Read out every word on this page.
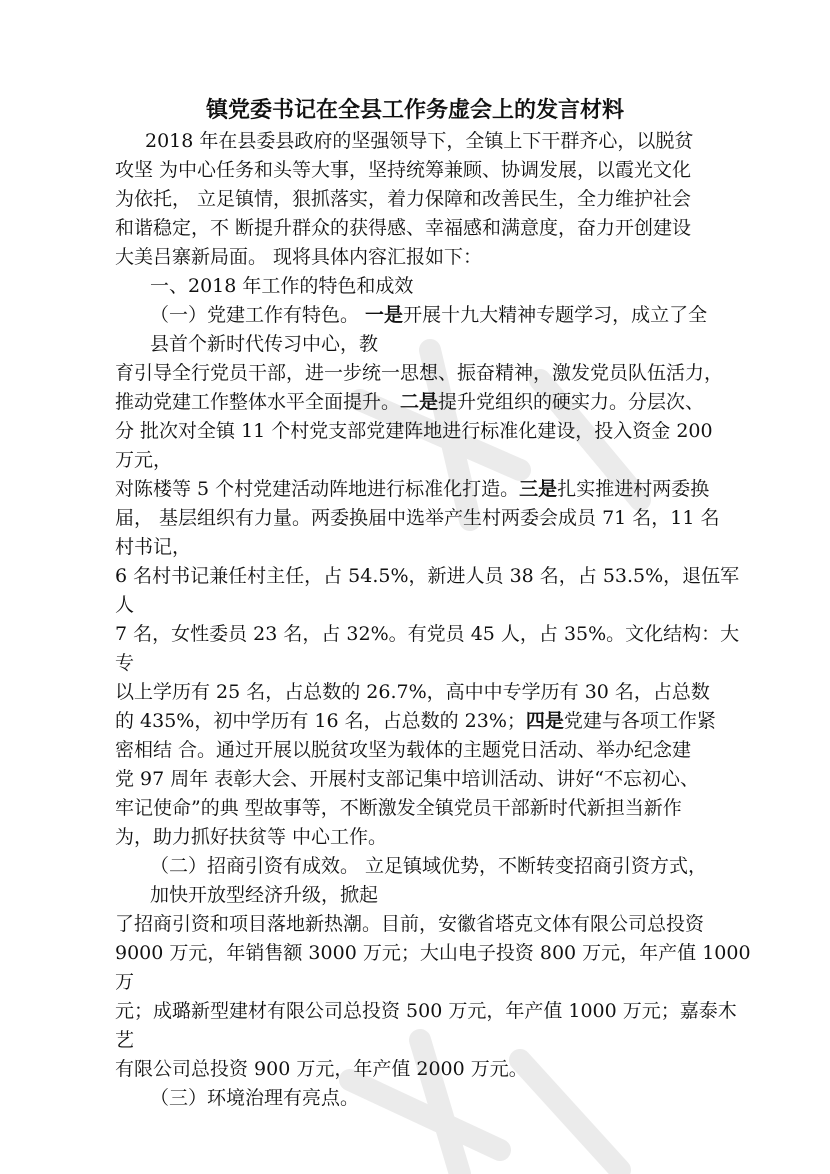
镇党委书记在全县工作务虚会上的发言材料
2018 年在县委县政府的坚强领导下，全镇上下干群齐心，以脱贫
攻坚 为中心任务和头等大事，坚持统筹兼顾、协调发展，以霞光文化
为依托， 立足镇情，狠抓落实，着力保障和改善民生，全力维护社会
和谐稳定，不 断提升群众的获得感、幸福感和满意度，奋力开创建设
大美吕寨新局面。 现将具体内容汇报如下：
一、2018 年工作的特色和成效
（一）党建工作有特色。 一是开展十九大精神专题学习，成立了全
县首个新时代传习中心，教
育引导全行党员干部，进一步统一思想、振奋精神，激发党员队伍活力，
推动党建工作整体水平全面提升。二是提升党组织的硬实力。分层次、
分 批次对全镇 11 个村党支部党建阵地进行标准化建设，投入资金 200
万元，
对陈楼等 5 个村党建活动阵地进行标准化打造。三是扎实推进村两委换
届， 基层组织有力量。两委换届中选举产生村两委会成员 71 名，11 名
村书记，
6 名村书记兼任村主任，占 54.5%，新进人员 38 名，占 53.5%，退伍军
人
7 名，女性委员 23 名，占 32%。有党员 45 人，占 35%。文化结构：大
专
以上学历有 25 名，占总数的 26.7%，高中中专学历有 30 名，占总数
的 435%，初中学历有 16 名，占总数的 23%；四是党建与各项工作紧
密相结 合。通过开展以脱贫攻坚为载体的主题党日活动、举办纪念建
党 97 周年 表彰大会、开展村支部记集中培训活动、讲好“不忘初心、
牢记使命”的典 型故事等，不断激发全镇党员干部新时代新担当新作
为，助力抓好扶贫等 中心工作。
（二）招商引资有成效。 立足镇域优势，不断转变招商引资方式，
加快开放型经济升级，掀起
了招商引资和项目落地新热潮。目前，安徽省塔克文体有限公司总投资
9000 万元，年销售额 3000 万元；大山电子投资 800 万元，年产值 1000
万
元；成璐新型建材有限公司总投资 500 万元，年产值 1000 万元；嘉泰木
艺
有限公司总投资 900 万元，年产值 2000 万元。
（三）环境治理有亮点。
